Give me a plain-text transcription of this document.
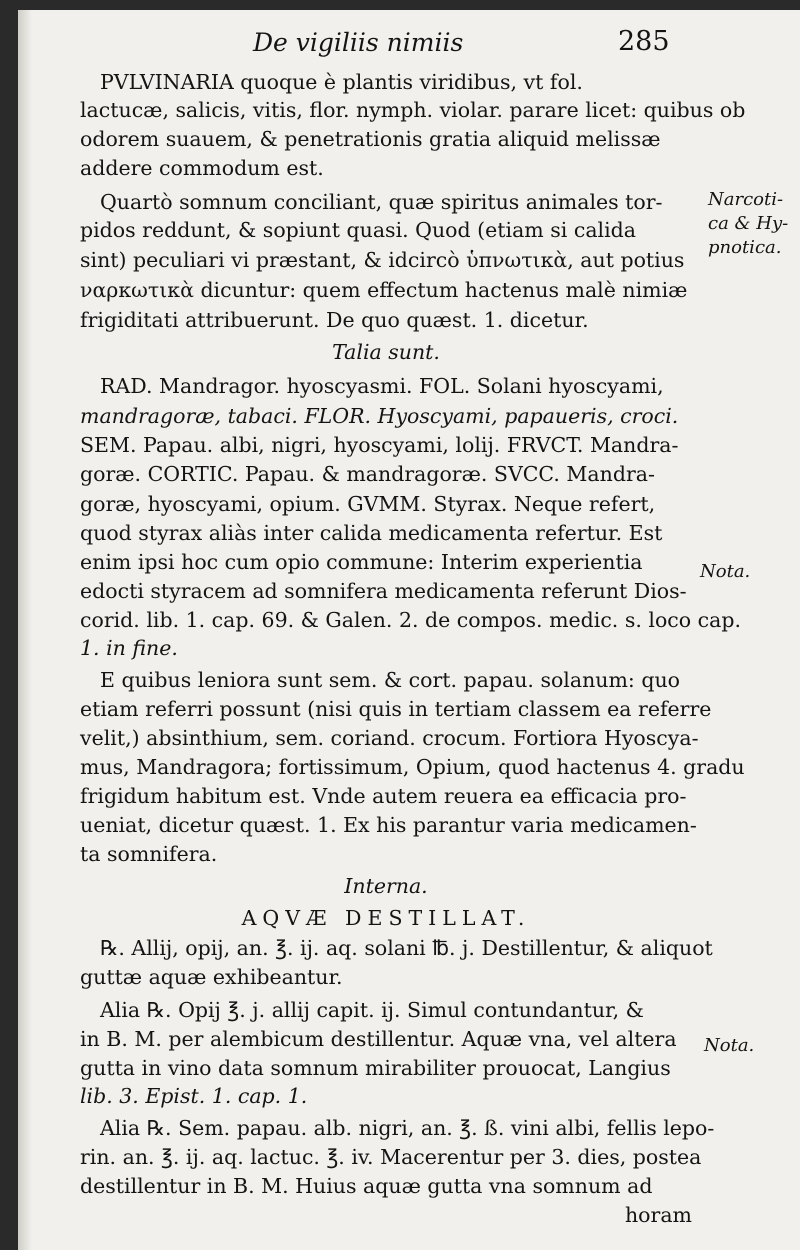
De vigiliis nimiis	285
PVLVINARIA quoque è plantis viridibus, vt fol.
lactucæ, salicis, vitis, flor. nymph. violar. parare licet: quibus ob
odorem suauem, & penetrationis gratia aliquid melissæ
addere commodum est.
Quartò somnum conciliant, quæ spiritus animales tor-
pidos reddunt, & sopiunt quasi. Quod (etiam si calida
sint) peculiari vi præstant, & idcircò ὑπνωτικὰ, aut potius
ναρκωτικὰ dicuntur: quem effectum hactenus malè nimiæ
frigiditati attribuerunt. De quo quæst. 1. dicetur.
Talia sunt.
RAD. Mandragor. hyoscyasmi. FOL. Solani hyoscyami,
mandragoræ, tabaci. FLOR. Hyoscyami, papaueris, croci.
SEM. Papau. albi, nigri, hyoscyami, lolij. FRVCT. Mandra-
goræ. CORTIC. Papau. & mandragoræ. SVCC. Mandra-
goræ, hyoscyami, opium. GVMM. Styrax. Neque refert,
quod styrax aliàs inter calida medicamenta refertur. Est
enim ipsi hoc cum opio commune: Interim experientia
edocti styracem ad somnifera medicamenta referunt Dios-
corid. lib. 1. cap. 69. & Galen. 2. de compos. medic. s. loco cap.
1. in fine.
E quibus leniora sunt sem. & cort. papau. solanum: quo
etiam referri possunt (nisi quis in tertiam classem ea referre
velit,) absinthium, sem. coriand. crocum. Fortiora Hyoscya-
mus, Mandragora; fortissimum, Opium, quod hactenus 4. gradu
frigidum habitum est. Vnde autem reuera ea efficacia pro-
ueniat, dicetur quæst. 1. Ex his parantur varia medicamen-
ta somnifera.
Interna.
AQVÆ DESTILLAT.
℞. Allij, opij, an. ℥. ij. aq. solani ℔. j. Destillentur, & aliquot
guttæ aquæ exhibeantur.
Alia ℞. Opij ℥. j. allij capit. ij. Simul contundantur, &
in B. M. per alembicum destillentur. Aquæ vna, vel altera
gutta in vino data somnum mirabiliter prouocat, Langius
lib. 3. Epist. 1. cap. 1.
Alia ℞. Sem. papau. alb. nigri, an. ℥. ß. vini albi, fellis lepo-
rin. an. ℥. ij. aq. lactuc. ℥. iv. Macerentur per 3. dies, postea
destillentur in B. M. Huius aquæ gutta vna somnum ad
horam
Narcoti-
ca & Hy-
pnotica.
Nota.
Nota.
